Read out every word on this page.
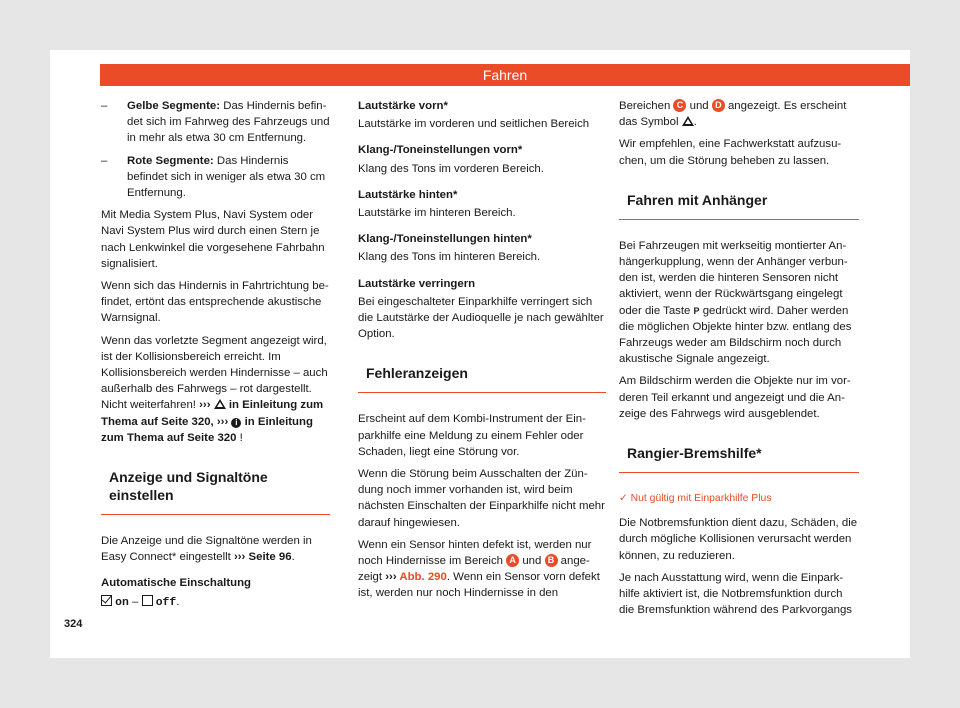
Fahren
– Gelbe Segmente: Das Hindernis befindet sich im Fahrweg des Fahrzeugs und in mehr als etwa 30 cm Entfernung.
– Rote Segmente: Das Hindernis befindet sich in weniger als etwa 30 cm Entfernung.

Mit Media System Plus, Navi System oder Navi System Plus wird durch einen Stern je nach Lenkwinkel die vorgesehene Fahrbahn signalisiert.

Wenn sich das Hindernis in Fahrtrichtung befindet, ertönt das entsprechende akustische Warnsignal.

Wenn das vorletzte Segment angezeigt wird, ist der Kollisionsbereich erreicht. Im Kollisionsbereich werden Hindernisse – auch außerhalb des Fahrwegs – rot dargestellt. Nicht weiterfahren! ›››  in Einleitung zum Thema auf Seite 320, ››› i in Einleitung zum Thema auf Seite 320 !

Anzeige und Signaltöne einstellen

Die Anzeige und die Signaltöne werden in Easy Connect* eingestellt ››› Seite 96.

Automatische Einschaltung

on –  off.

Lautstärke vorn*

Lautstärke im vorderen und seitlichen Bereich

Klang-/Toneinstellungen vorn*

Klang des Tons im vorderen Bereich.

Lautstärke hinten*

Lautstärke im hinteren Bereich.

Klang-/Toneinstellungen hinten*

Klang des Tons im hinteren Bereich.

Lautstärke verringern

Bei eingeschalteter Einparkhilfe verringert sich die Lautstärke der Audioquelle je nach gewählter Option.

Fehleranzeigen

Erscheint auf dem Kombi-Instrument der Einparkhilfe eine Meldung zu einem Fehler oder Schaden, liegt eine Störung vor.

Wenn die Störung beim Ausschalten der Zündung noch immer vorhanden ist, wird beim nächsten Einschalten der Einparkhilfe nicht mehr darauf hingewiesen.

Wenn ein Sensor hinten defekt ist, werden nur noch Hindernisse im Bereich A und B angezeigt ››› Abb. 290. Wenn ein Sensor vorn defekt ist, werden nur noch Hindernisse in den

Bereichen C und D angezeigt. Es erscheint das Symbol .

Wir empfehlen, eine Fachwerkstatt aufzusuchen, um die Störung beheben zu lassen.

Fahren mit Anhänger

Bei Fahrzeugen mit werkseitig montierter Anhängerkupplung, wenn der Anhänger verbunden ist, werden die hinteren Sensoren nicht aktiviert, wenn der Rückwärtsgang eingelegt oder die Taste P gedrückt wird. Daher werden die möglichen Objekte hinter bzw. entlang des Fahrzeugs weder am Bildschirm noch durch akustische Signale angezeigt.

Am Bildschirm werden die Objekte nur im vorderen Teil erkannt und angezeigt und die Anzeige des Fahrwegs wird ausgeblendet.

Rangier-Bremshilfe*
✓ Nut gültig mit Einparkhilfe Plus

Die Notbremsfunktion dient dazu, Schäden, die durch mögliche Kollisionen verursacht werden können, zu reduzieren.

Je nach Ausstattung wird, wenn die Einparkhilfe aktiviert ist, die Notbremsfunktion durch die Bremsfunktion während des Parkvorgangs

324
